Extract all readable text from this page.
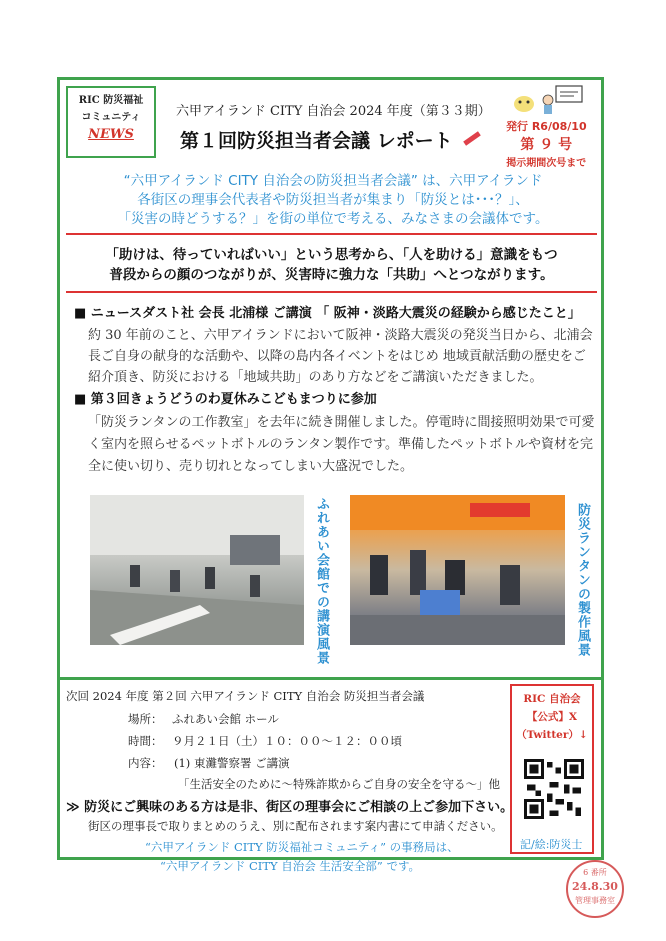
RIC 防災福祉
コミュニティ
NEWS
六甲アイランド CITY 自治会 2024 年度（第３３期）
第１回防災担当者会議 レポート
発行 R6/08/10
第 ９ 号
掲示期間次号まで
“六甲アイランド CITY 自治会の防災担当者会議” は、六甲アイランド
各街区の理事会代表者や防災担当者が集まり「防災とは･･･？」、
「災害の時どうする？」を街の単位で考える、みなさまの会議体です。
「助けは、待っていればいい」という思考から、「人を助ける」意識をもつ
普段からの顔のつながりが、災害時に強力な「共助」へとつながります。
■ ニュースダスト社 会長 北浦様 ご講演 「 阪神・淡路大震災の経験から感じたこと」
約 30 年前のこと、六甲アイランドにおいて阪神・淡路大震災の発災当日から、北浦会
長ご自身の献身的な活動や、以降の島内各イベントをはじめ 地域貢献活動の歴史をご
紹介頂き、防災における「地域共助」のあり方などをご講演いただきました。
■ 第３回きょうどうのわ夏休みこどもまつりに参加
「防災ランタンの工作教室」を去年に続き開催しました。停電時に間接照明効果で可愛
く室内を照らせるペットボトルのランタン製作です。準備したペットボトルや資材を完
全に使い切り、売り切れとなってしまい大盛況でした。
ふれあい会館での講演風景	防災ランタンの製作風景
次回 2024 年度 第２回 六甲アイランド CITY 自治会 防災担当者会議
場所： ふれあい会館 ホール
時間： ９月２１日（土）１０：００～１２：００頃
内容： (1) 東灘警察署 ご講演
「生活安全のために～特殊詐欺からご自身の安全を守る～」他
≫ 防災にご興味のある方は是非、街区の理事会にご相談の上ご参加下さい。
街区の理事長で取りまとめのうえ、別に配布されます案内書にて申請ください。
“六甲アイランド CITY 防災福祉コミュニティ” の事務局は、
“六甲アイランド CITY 自治会 生活安全部” です。
RIC 自治会
【公式】X
（Twitter）↓
記/絵:防災士
6 番所
24.8.30
管理事務室
